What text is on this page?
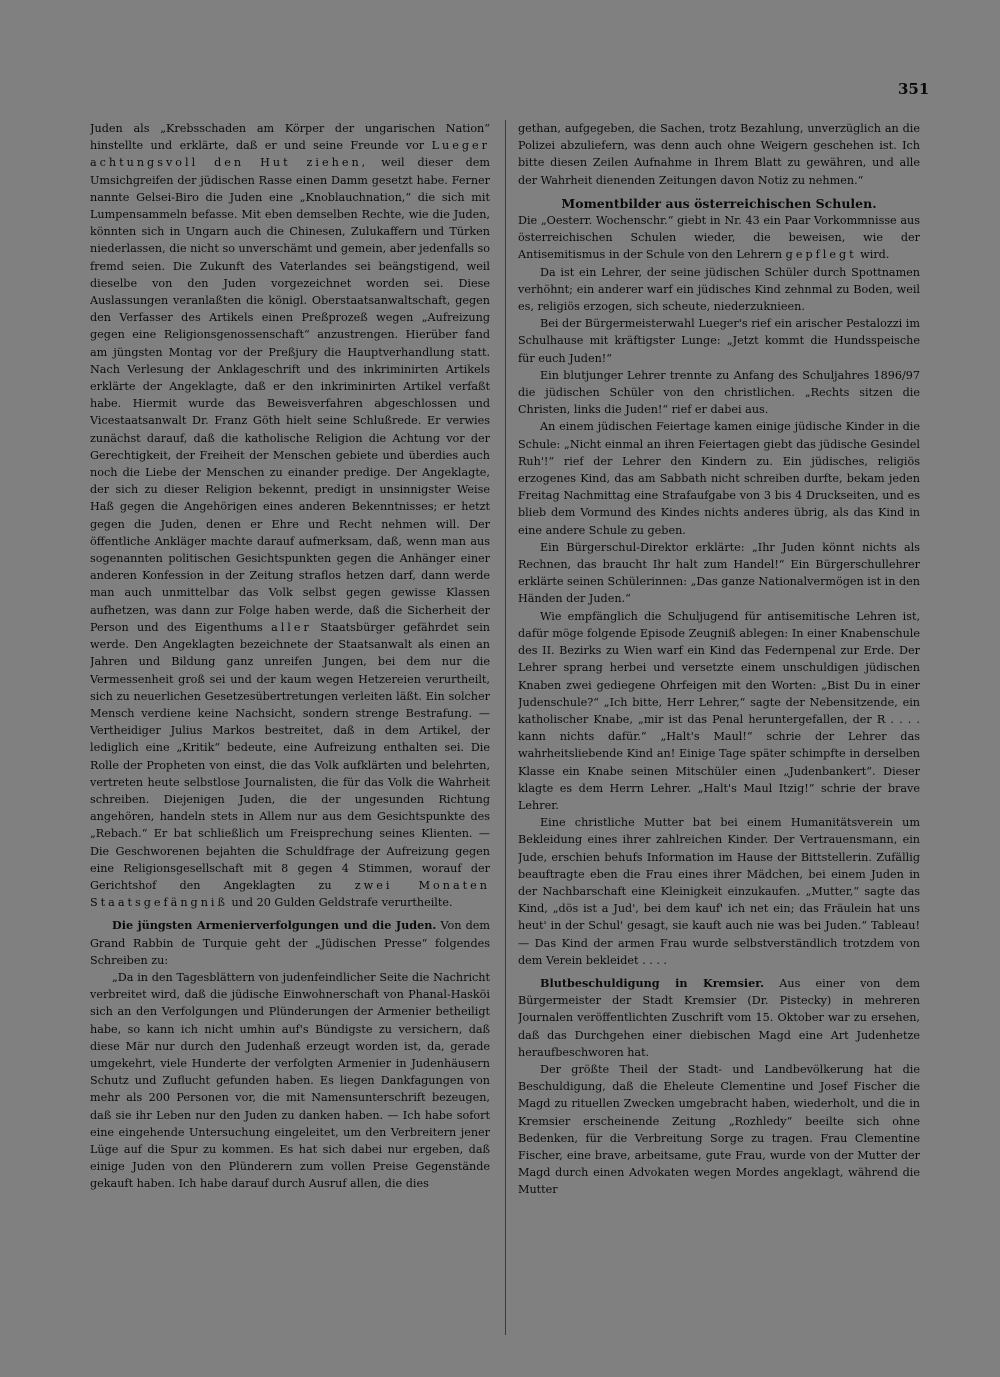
351

Juden als „Krebsschaden am Körper der ungarischen Nation“ hinstellte und erklärte, daß er und seine Freunde vor Lueger achtungsvoll den Hut ziehen, weil dieser dem Umsichgreifen der jüdischen Rasse einen Damm gesetzt habe. Ferner nannte Gelsei-Biro die Juden eine „Knoblauchnation,“ die sich mit Lumpensammeln befasse. Mit eben demselben Rechte, wie die Juden, könnten sich in Ungarn auch die Chinesen, Zulukaffern und Türken niederlassen, die nicht so unverschämt und gemein, aber jedenfalls so fremd seien. Die Zukunft des Vaterlandes sei beängstigend, weil dieselbe von den Juden vorgezeichnet worden sei. Diese Auslassungen veranlaßten die königl. Oberstaatsanwaltschaft, gegen den Verfasser des Artikels einen Preßprozeß wegen „Aufreizung gegen eine Religionsgenossenschaft“ anzustrengen. Hierüber fand am jüngsten Montag vor der Preßjury die Hauptverhandlung statt. Nach Verlesung der Anklageschrift und des inkriminirten Artikels erklärte der Angeklagte, daß er den inkriminirten Artikel verfaßt habe. Hiermit wurde das Beweisverfahren abgeschlossen und Vicestaatsanwalt Dr. Franz Göth hielt seine Schlußrede. Er verwies zunächst darauf, daß die katholische Religion die Achtung vor der Gerechtigkeit, der Freiheit der Menschen gebiete und überdies auch noch die Liebe der Menschen zu einander predige. Der Angeklagte, der sich zu dieser Religion bekennt, predigt in unsinnigster Weise Haß gegen die Angehörigen eines anderen Bekenntnisses; er hetzt gegen die Juden, denen er Ehre und Recht nehmen will. Der öffentliche Ankläger machte darauf aufmerksam, daß, wenn man aus sogenannten politischen Gesichtspunkten gegen die Anhänger einer anderen Konfession in der Zeitung straflos hetzen darf, dann werde man auch unmittelbar das Volk selbst gegen gewisse Klassen aufhetzen, was dann zur Folge haben werde, daß die Sicherheit der Person und des Eigenthums aller Staatsbürger gefährdet sein werde. Den Angeklagten bezeichnete der Staatsanwalt als einen an Jahren und Bildung ganz unreifen Jungen, bei dem nur die Vermessenheit groß sei und der kaum wegen Hetzereien verurtheilt, sich zu neuerlichen Gesetzesübertretungen verleiten läßt. Ein solcher Mensch verdiene keine Nachsicht, sondern strenge Bestrafung. — Vertheidiger Julius Markos bestreitet, daß in dem Artikel, der lediglich eine „Kritik“ bedeute, eine Aufreizung enthalten sei. Die Rolle der Propheten von einst, die das Volk aufklärten und belehrten, vertreten heute selbstlose Journalisten, die für das Volk die Wahrheit schreiben. Diejenigen Juden, die der ungesunden Richtung angehören, handeln stets in Allem nur aus dem Gesichtspunkte des „Rebach.“ Er bat schließlich um Freisprechung seines Klienten. — Die Geschworenen bejahten die Schuldfrage der Aufreizung gegen eine Religionsgesellschaft mit 8 gegen 4 Stimmen, worauf der Gerichtshof den Angeklagten zu zwei Monaten Staatsgefängniß und 20 Gulden Geldstrafe verurtheilte.

Die jüngsten Armenierverfolgungen und die Juden. Von dem Grand Rabbin de Turquie geht der „Jüdischen Presse“ folgendes Schreiben zu:

„Da in den Tagesblättern von judenfeindlicher Seite die Nachricht verbreitet wird, daß die jüdische Einwohnerschaft von Phanal-Hasköi sich an den Verfolgungen und Plünderungen der Armenier betheiligt habe, so kann ich nicht umhin auf's Bündigste zu versichern, daß diese Mär nur durch den Judenhaß erzeugt worden ist, da, gerade umgekehrt, viele Hunderte der verfolgten Armenier in Judenhäusern Schutz und Zuflucht gefunden haben. Es liegen Dankfagungen von mehr als 200 Personen vor, die mit Namensunterschrift bezeugen, daß sie ihr Leben nur den Juden zu danken haben. — Ich habe sofort eine eingehende Untersuchung eingeleitet, um den Verbreitern jener Lüge auf die Spur zu kommen. Es hat sich dabei nur ergeben, daß einige Juden von den Plünderern zum vollen Preise Gegenstände gekauft haben. Ich habe darauf durch Ausruf allen, die dies

gethan, aufgegeben, die Sachen, trotz Bezahlung, unverzüglich an die Polizei abzuliefern, was denn auch ohne Weigern geschehen ist. Ich bitte diesen Zeilen Aufnahme in Ihrem Blatt zu gewähren, und alle der Wahrheit dienenden Zeitungen davon Notiz zu nehmen.“

Momentbilder aus österreichischen Schulen.

Die „Oesterr. Wochenschr.“ giebt in Nr. 43 ein Paar Vorkommnisse aus österreichischen Schulen wieder, die beweisen, wie der Antisemitismus in der Schule von den Lehrern gepflegt wird.

Da ist ein Lehrer, der seine jüdischen Schüler durch Spottnamen verhöhnt; ein anderer warf ein jüdisches Kind zehnmal zu Boden, weil es, religiös erzogen, sich scheute, niederzuknieen.

Bei der Bürgermeisterwahl Lueger's rief ein arischer Pestalozzi im Schulhause mit kräftigster Lunge: „Jetzt kommt die Hundsspeische für euch Juden!“

Ein blutjunger Lehrer trennte zu Anfang des Schuljahres 1896/97 die jüdischen Schüler von den christlichen. „Rechts sitzen die Christen, links die Juden!“ rief er dabei aus.

An einem jüdischen Feiertage kamen einige jüdische Kinder in die Schule: „Nicht einmal an ihren Feiertagen giebt das jüdische Gesindel Ruh'!“ rief der Lehrer den Kindern zu. Ein jüdisches, religiös erzogenes Kind, das am Sabbath nicht schreiben durfte, bekam jeden Freitag Nachmittag eine Strafaufgabe von 3 bis 4 Druckseiten, und es blieb dem Vormund des Kindes nichts anderes übrig, als das Kind in eine andere Schule zu geben.

Ein Bürgerschul-Direktor erklärte: „Ihr Juden könnt nichts als Rechnen, das braucht Ihr halt zum Handel!“ Ein Bürgerschullehrer erklärte seinen Schülerinnen: „Das ganze Nationalvermögen ist in den Händen der Juden.“

Wie empfänglich die Schuljugend für antisemitische Lehren ist, dafür möge folgende Episode Zeugniß ablegen: In einer Knabenschule des II. Bezirks zu Wien warf ein Kind das Federnpenal zur Erde. Der Lehrer sprang herbei und versetzte einem unschuldigen jüdischen Knaben zwei gediegene Ohrfeigen mit den Worten: „Bist Du in einer Judenschule?“ „Ich bitte, Herr Lehrer,“ sagte der Nebensitzende, ein katholischer Knabe, „mir ist das Penal heruntergefallen, der R . . . . kann nichts dafür.“ „Halt's Maul!“ schrie der Lehrer das wahrheitsliebende Kind an! Einige Tage später schimpfte in derselben Klasse ein Knabe seinen Mitschüler einen „Judenbankert“. Dieser klagte es dem Herrn Lehrer. „Halt's Maul Itzig!“ schrie der brave Lehrer.

Eine christliche Mutter bat bei einem Humanitätsverein um Bekleidung eines ihrer zahlreichen Kinder. Der Vertrauensmann, ein Jude, erschien behufs Information im Hause der Bittstellerin. Zufällig beauftragte eben die Frau eines ihrer Mädchen, bei einem Juden in der Nachbarschaft eine Kleinigkeit einzukaufen. „Mutter,“ sagte das Kind, „dös ist a Jud', bei dem kauf' ich net ein; das Fräulein hat uns heut' in der Schul' gesagt, sie kauft auch nie was bei Juden.“ Tableau! — Das Kind der armen Frau wurde selbstverständlich trotzdem von dem Verein bekleidet . . . .

Blutbeschuldigung in Kremsier. Aus einer von dem Bürgermeister der Stadt Kremsier (Dr. Pistecky) in mehreren Journalen veröffentlichten Zuschrift vom 15. Oktober war zu ersehen, daß das Durchgehen einer diebischen Magd eine Art Judenhetze heraufbeschworen hat.

Der größte Theil der Stadt- und Landbevölkerung hat die Beschuldigung, daß die Eheleute Clementine und Josef Fischer die Magd zu rituellen Zwecken umgebracht haben, wiederholt, und die in Kremsier erscheinende Zeitung „Rozhledy“ beeilte sich ohne Bedenken, für die Verbreitung Sorge zu tragen. Frau Clementine Fischer, eine brave, arbeitsame, gute Frau, wurde von der Mutter der Magd durch einen Advokaten wegen Mordes angeklagt, während die Mutter
